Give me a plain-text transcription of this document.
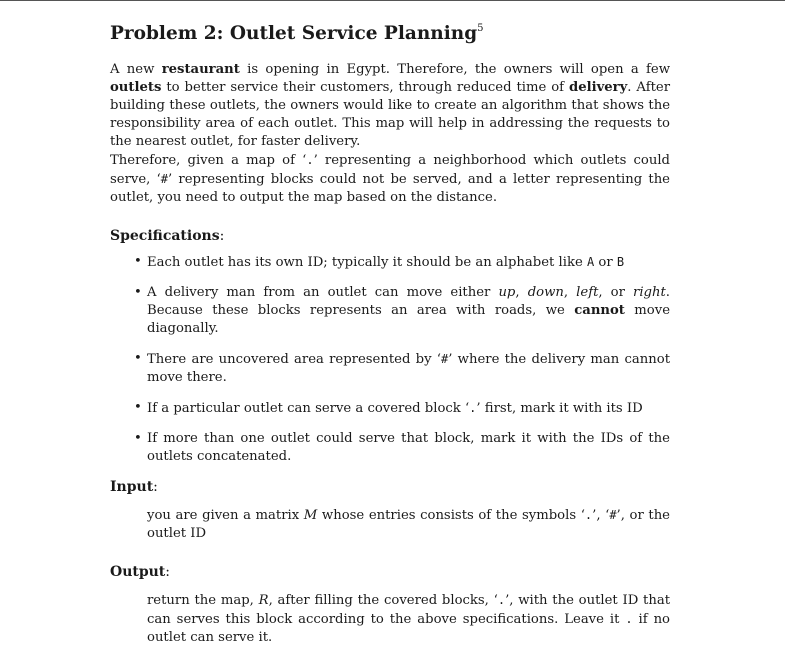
Problem 2: Outlet Service Planning$^5$

A new restaurant is opening in Egypt. Therefore, the owners will open a few outlets to better service their customers, through reduced time of delivery. After building these outlets, the owners would like to create an algorithm that shows the responsibility area of each outlet. This map will help in addressing the requests to the nearest outlet, for faster delivery.

Therefore, given a map of ‘.’ representing a neighborhood which outlets could serve, ‘#’ representing blocks could not be served, and a letter representing the outlet, you need to output the map based on the distance.

Specifications:
• Each outlet has its own ID; typically it should be an alphabet like A or B
• A delivery man from an outlet can move either up, down, left, or right. Because these blocks represents an area with roads, we cannot move diagonally.
• There are uncovered area represented by ‘#’ where the delivery man cannot move there.
• If a particular outlet can serve a covered block ‘.’ first, mark it with its ID
• If more than one outlet could serve that block, mark it with the IDs of the outlets concatenated.
Input:
you are given a matrix M whose entries consists of the symbols ‘.’, ‘#’, or the outlet ID
Output:
return the map, R, after filling the covered blocks, ‘.’, with the outlet ID that can serves this block according to the above specifications. Leave it . if no outlet can serve it.
